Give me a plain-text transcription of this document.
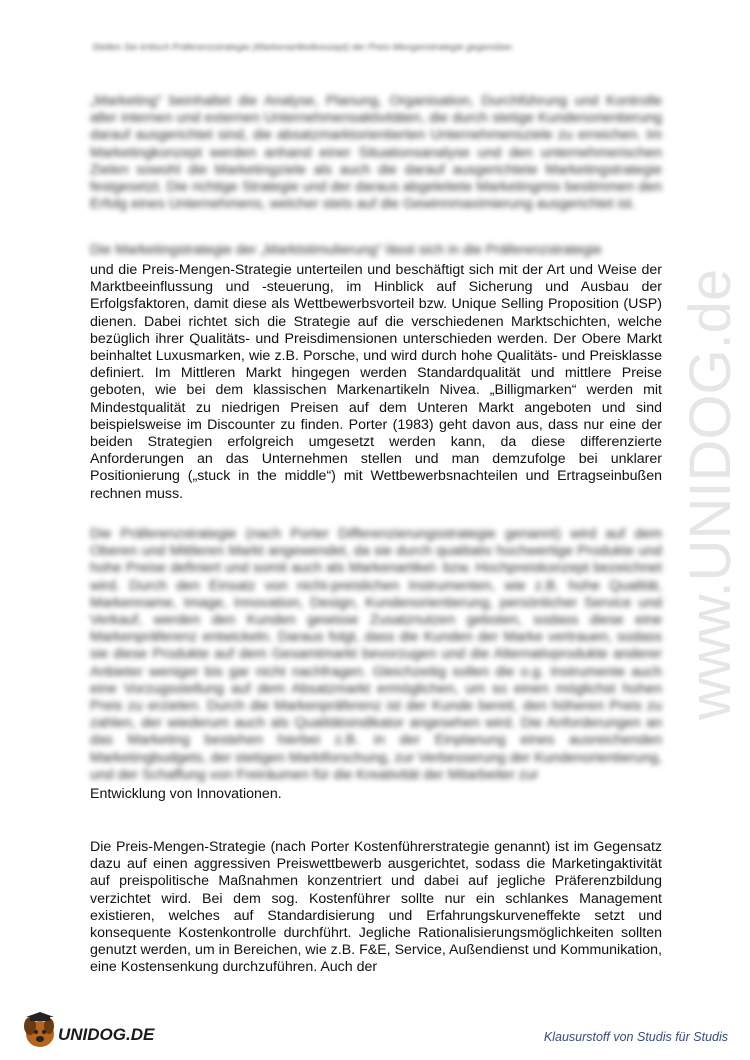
Stellen Sie kritisch Präferenzstrategie (Markenartikelkonzept) der Preis-Mengenstrategie gegenüber.

„Marketing“ beinhaltet die Analyse, Planung, Organisation, Durchführung und Kontrolle aller internen und externen Unternehmensaktivitäten, die durch stetige Kundenorientierung darauf ausgerichtet sind, die absatzmarktorientierten Unternehmensziele zu erreichen. Im Marketingkonzept werden anhand einer Situationsanalyse und den unternehmerischen Zielen sowohl die Marketingziele als auch die darauf ausgerichtete Marketingstrategie festgesetzt. Die richtige Strategie und der daraus abgeleitete Marketingmix bestimmen den Erfolg eines Unternehmens, welcher stets auf die Gewinnmaximierung ausgerichtet ist.

Die Marketingstrategie der „Marktstimulierung“ lässt sich in die Präferenzstrategie

und die Preis-Mengen-Strategie unterteilen und beschäftigt sich mit der Art und Weise der Marktbeeinflussung und -steuerung, im Hinblick auf Sicherung und Ausbau der Erfolgsfaktoren, damit diese als Wettbewerbsvorteil bzw. Unique Selling Proposition (USP) dienen. Dabei richtet sich die Strategie auf die verschiedenen Marktschichten, welche bezüglich ihrer Qualitäts- und Preisdimensionen unterschieden werden. Der Obere Markt beinhaltet Luxusmarken, wie z.B. Porsche, und wird durch hohe Qualitäts- und Preisklasse definiert. Im Mittleren Markt hingegen werden Standardqualität und mittlere Preise geboten, wie bei dem klassischen Markenartikeln Nivea. „Billigmarken“ werden mit Mindestqualität zu niedrigen Preisen auf dem Unteren Markt angeboten und sind beispielsweise im Discounter zu finden. Porter (1983) geht davon aus, dass nur eine der beiden Strategien erfolgreich umgesetzt werden kann, da diese differenzierte Anforderungen an das Unternehmen stellen und man demzufolge bei unklarer Positionierung („stuck in the middle“) mit Wettbewerbsnachteilen und Ertragseinbußen rechnen muss.

Die Präferenzstrategie (nach Porter Differenzierungsstrategie genannt) wird auf dem Oberen und Mittleren Markt angewendet, da sie durch qualitativ hochwertige Produkte und hohe Preise definiert und somit auch als Markenartikel- bzw. Hochpreiskonzept bezeichnet wird. Durch den Einsatz von nicht-preislichen Instrumenten, wie z.B. hohe Qualität, Markenname, Image, Innovation, Design, Kundenorientierung, persönlicher Service und Verkauf, werden den Kunden gewisse Zusatznutzen geboten, sodass diese eine Markenpräferenz entwickeln. Daraus folgt, dass die Kunden der Marke vertrauen, sodass sie diese Produkte auf dem Gesamtmarkt bevorzugen und die Alternativprodukte anderer Anbieter weniger bis gar nicht nachfragen. Gleichzeitig sollen die o.g. Instrumente auch eine Vorzugsstellung auf dem Absatzmarkt ermöglichen, um so einen möglichst hohen Preis zu erzielen. Durch die Markenpräferenz ist der Kunde bereit, den höheren Preis zu zahlen, der wiederum auch als Qualitätsindikator angesehen wird. Die Anforderungen an das Marketing bestehen hierbei z.B. in der Einplanung eines ausreichenden Marketingbudgets, der stetigen Marktforschung, zur Verbesserung der Kundenorientierung, und der Schaffung von Freiräumen für die Kreativität der Mitarbeiter zur

Entwicklung von Innovationen.

Die Preis-Mengen-Strategie (nach Porter Kostenführerstrategie genannt) ist im Gegensatz dazu auf einen aggressiven Preiswettbewerb ausgerichtet, sodass die Marketingaktivität auf preispolitische Maßnahmen konzentriert und dabei auf jegliche Präferenzbildung verzichtet wird. Bei dem sog. Kostenführer sollte nur ein schlankes Management existieren, welches auf Standardisierung und Erfahrungskurveneffekte setzt und konsequente Kostenkontrolle durchführt. Jegliche Rationalisierungsmöglichkeiten sollten genutzt werden, um in Bereichen, wie z.B. F&E, Service, Außendienst und Kommunikation, eine Kostensenkung durchzuführen. Auch der

www.UNIDOG.de
UNIDOG.DE	Klausurstoff von Studis für Studis
